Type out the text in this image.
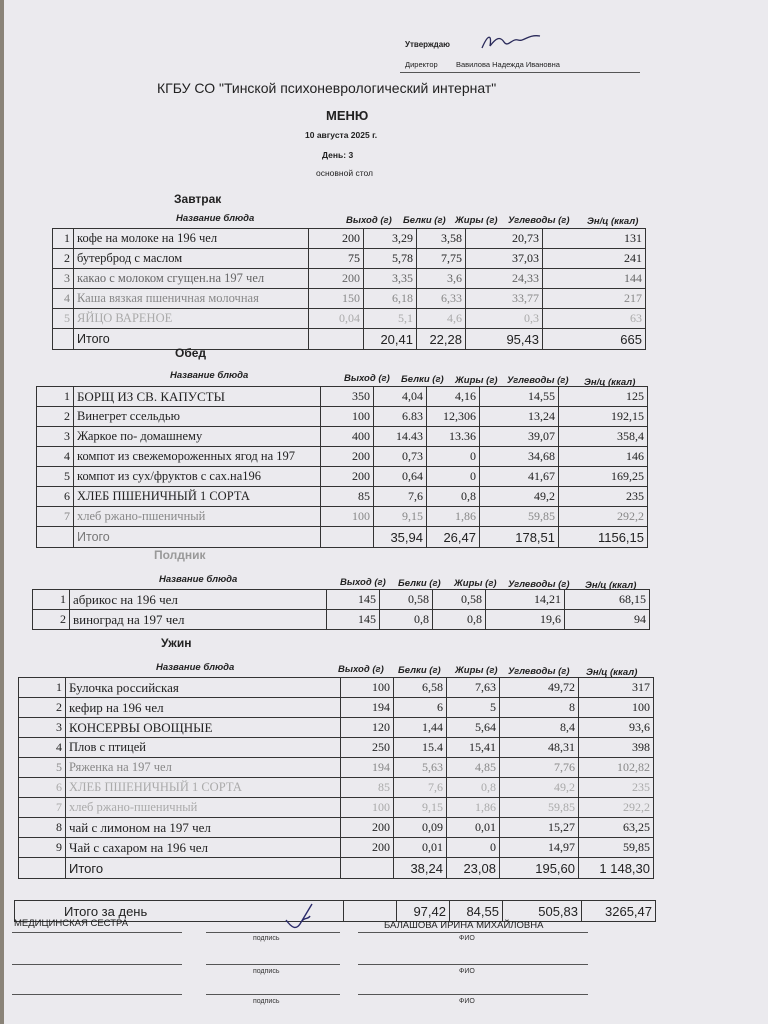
Утверждаю
Директор Вавилова Надежда Ивановна
КГБУ СО "Тинской психоневрологический интернат"
МЕНЮ
10 августа 2025 г.
День: 3
основной стол
Завтрак
Название блюда	Выход (г) Белки (г) Жиры (г) Углеводы (г) Эн/ц (ккал)
1	кофе на молоке на 196 чел	200	3,29	3,58	20,73	131
2	бутерброд с маслом	75	5,78	7,75	37,03	241
3	какао с молоком сгущен.на 197 чел	200	3,35	3,6	24,33	144
4	Каша вязкая пшеничная молочная	150	6,18	6,33	33,77	217
5	ЯЙЦО ВАРЕНОЕ	0,04	5,1	4,6	0,3	63
	Итого		20,41	22,28	95,43	665
Обед
Название блюда	Выход (г) Белки (г) Жиры (г) Углеводы (г) Эн/ц (ккал)
1	БОРЩ ИЗ СВ. КАПУСТЫ	350	4,04	4,16	14,55	125
2	Винегрет ссельдью	100	6.83	12,306	13,24	192,15
3	Жаркое по- домашнему	400	14.43	13.36	39,07	358,4
4	компот из свежемороженных ягод на 197	200	0,73	0	34,68	146
5	компот из сух/фруктов с сах.на196	200	0,64	0	41,67	169,25
6	ХЛЕБ ПШЕНИЧНЫЙ 1 СОРТА	85	7,6	0,8	49,2	235
7	хлеб ржано-пшеничный	100	9,15	1,86	59,85	292,2
	Итого		35,94	26,47	178,51	1156,15
Полдник
Название блюда	Выход (г) Белки (г) Жиры (г) Углеводы (г) Эн/ц (ккал)
1	абрикос на 196 чел	145	0,58	0,58	14,21	68,15
2	виноград на 197 чел	145	0,8	0,8	19,6	94
Ужин
Название блюда	Выход (г) Белки (г) Жиры (г) Углеводы (г) Эн/ц (ккал)
1	Булочка российская	100	6,58	7,63	49,72	317
2	кефир на 196 чел	194	6	5	8	100
3	КОНСЕРВЫ ОВОЩНЫЕ	120	1,44	5,64	8,4	93,6
4	Плов с птицей	250	15.4	15,41	48,31	398
5	Ряженка на 197 чел	194	5,63	4,85	7,76	102,82
6	ХЛЕБ ПШЕНИЧНЫЙ 1 СОРТА	85	7,6	0,8	49,2	235
7	хлеб ржано-пшеничный	100	9,15	1,86	59,85	292,2
8	чай с лимоном на 197 чел	200	0,09	0,01	15,27	63,25
9	Чай с сахаром на 196 чел	200	0,01	0	14,97	59,85
	Итого		38,24	23,08	195,60	1 148,30
	Итого за день		97,42	84,55	505,83	3265,47
МЕДИЦИНСКАЯ СЕСТРА	БАЛАШОВА ИРИНА МИХАЙЛОВНА
подпись	ФИО
подпись	ФИО
подпись	ФИО
